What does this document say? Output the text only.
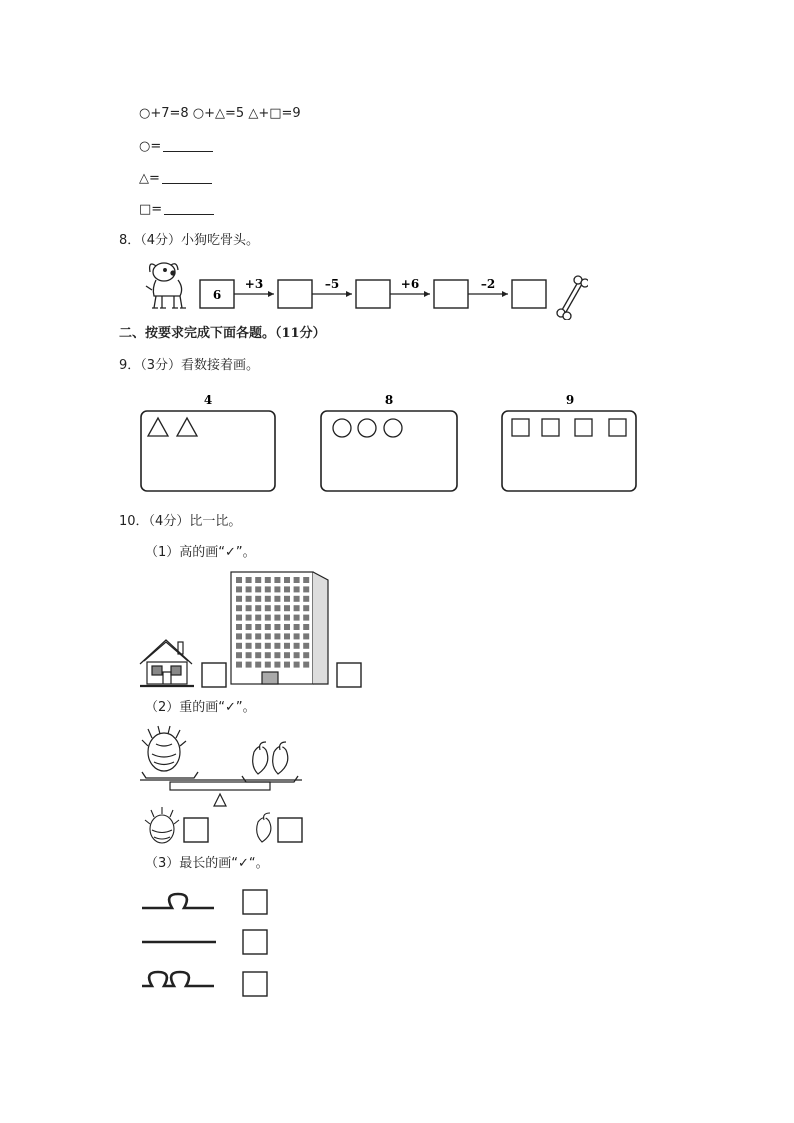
○+7=8 ○+△=5 △+□=9
○=
△=
□=
8．（4分）小狗吃骨头。
6
+3	–5	+6	–2
二、按要求完成下面各题。（11分）
9．（3分）看数接着画。
4	8	9
10．（4分）比一比。
（1）高的画“✓”。
（2）重的画“✓”。
（3）最长的画“✓“。
